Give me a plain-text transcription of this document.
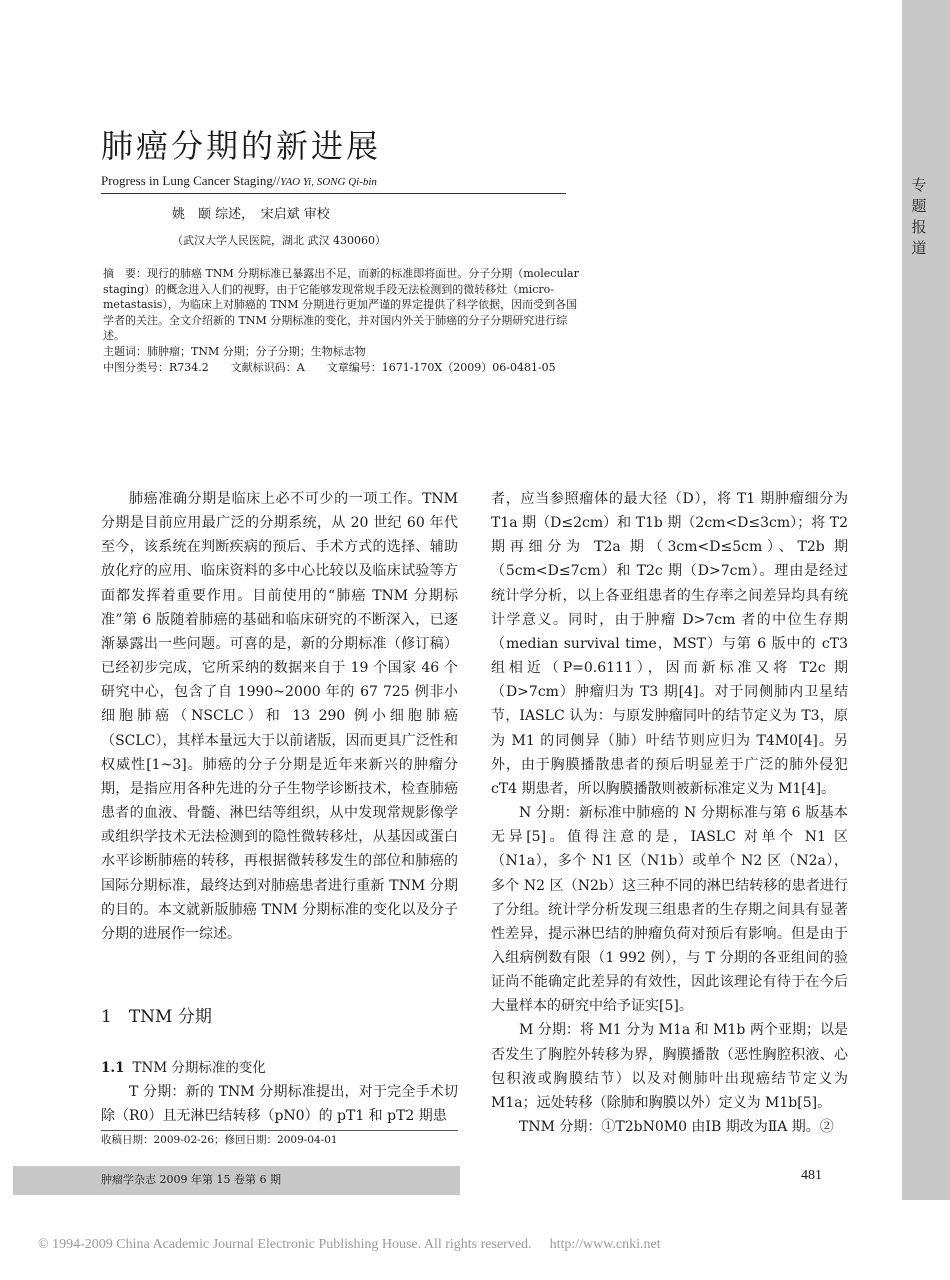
专题报道
肺癌分期的新进展
Progress in Lung Cancer Staging//YAO Yi, SONG Qi-bin
姚　颐 综述，　宋启斌 审校
（武汉大学人民医院，湖北 武汉 430060）

摘　要：现行的肺癌 TNM 分期标准已暴露出不足，而新的标准即将面世。分子分期（molecular staging）的概念进入人们的视野，由于它能够发现常规手段无法检测到的微转移灶（micro-metastasis），为临床上对肺癌的 TNM 分期进行更加严谨的界定提供了科学依据，因而受到各国学者的关注。全文介绍新的 TNM 分期标准的变化，并对国内外关于肺癌的分子分期研究进行综述。

主题词：肺肿瘤；TNM 分期；分子分期；生物标志物

中图分类号：R734.2　　文献标识码：A　　文章编号：1671-170X（2009）06-0481-05

肺癌准确分期是临床上必不可少的一项工作。TNM 分期是目前应用最广泛的分期系统，从 20 世纪 60 年代至今，该系统在判断疾病的预后、手术方式的选择、辅助放化疗的应用、临床资料的多中心比较以及临床试验等方面都发挥着重要作用。目前使用的“肺癌 TNM 分期标准”第 6 版随着肺癌的基础和临床研究的不断深入，已逐渐暴露出一些问题。可喜的是，新的分期标准（修订稿）已经初步完成，它所采纳的数据来自于 19 个国家 46 个研究中心，包含了自 1990~2000 年的 67 725 例非小细胞肺癌（NSCLC）和 13 290 例小细胞肺癌（SCLC），其样本量远大于以前诸版，因而更具广泛性和权威性[1~3]。肺癌的分子分期是近年来新兴的肿瘤分期，是指应用各种先进的分子生物学诊断技术，检查肺癌患者的血液、骨髓、淋巴结等组织，从中发现常规影像学或组织学技术无法检测到的隐性微转移灶，从基因或蛋白水平诊断肺癌的转移，再根据微转移发生的部位和肺癌的国际分期标准，最终达到对肺癌患者进行重新 TNM 分期的目的。本文就新版肺癌 TNM 分期标准的变化以及分子分期的进展作一综述。

1　TNM 分期
1.1 TNM 分期标准的变化

T 分期：新的 TNM 分期标准提出，对于完全手术切除（R0）且无淋巴结转移（pN0）的 pT1 和 pT2 期患

收稿日期：2009-02-26；修回日期：2009-04-01

者，应当参照瘤体的最大径（D），将 T1 期肿瘤细分为 T1a 期（D≤2cm）和 T1b 期（2cm<D≤3cm）；将 T2 期再细分为 T2a 期（3cm<D≤5cm）、T2b 期（5cm<D≤7cm）和 T2c 期（D>7cm）。理由是经过统计学分析，以上各亚组患者的生存率之间差异均具有统计学意义。同时，由于肿瘤 D>7cm 者的中位生存期（median survival time，MST）与第 6 版中的 cT3 组相近（P=0.6111），因而新标准又将 T2c 期（D>7cm）肿瘤归为 T3 期[4]。对于同侧肺内卫星结节，IASLC 认为：与原发肿瘤同叶的结节定义为 T3，原为 M1 的同侧异（肺）叶结节则应归为 T4M0[4]。另外，由于胸膜播散患者的预后明显差于广泛的肺外侵犯 cT4 期患者，所以胸膜播散则被新标准定义为 M1[4]。

N 分期：新标准中肺癌的 N 分期标准与第 6 版基本无异[5]。值得注意的是，IASLC 对单个 N1 区（N1a），多个 N1 区（N1b）或单个 N2 区（N2a），多个 N2 区（N2b）这三种不同的淋巴结转移的患者进行了分组。统计学分析发现三组患者的生存期之间具有显著性差异，提示淋巴结的肿瘤负荷对预后有影响。但是由于入组病例数有限（1 992 例），与 T 分期的各亚组间的验证尚不能确定此差异的有效性，因此该理论有待于在今后大量样本的研究中给予证实[5]。

M 分期：将 M1 分为 M1a 和 M1b 两个亚期；以是否发生了胸腔外转移为界，胸膜播散（恶性胸腔积液、心包积液或胸膜结节）以及对侧肺叶出现癌结节定义为 M1a；远处转移（除肺和胸膜以外）定义为 M1b[5]。

TNM 分期：①T2bN0M0 由ⅠB 期改为ⅡA 期。②

肿瘤学杂志 2009 年第 15 卷第 6 期	481
© 1994-2009 China Academic Journal Electronic Publishing House. All rights reserved. http://www.cnki.net
